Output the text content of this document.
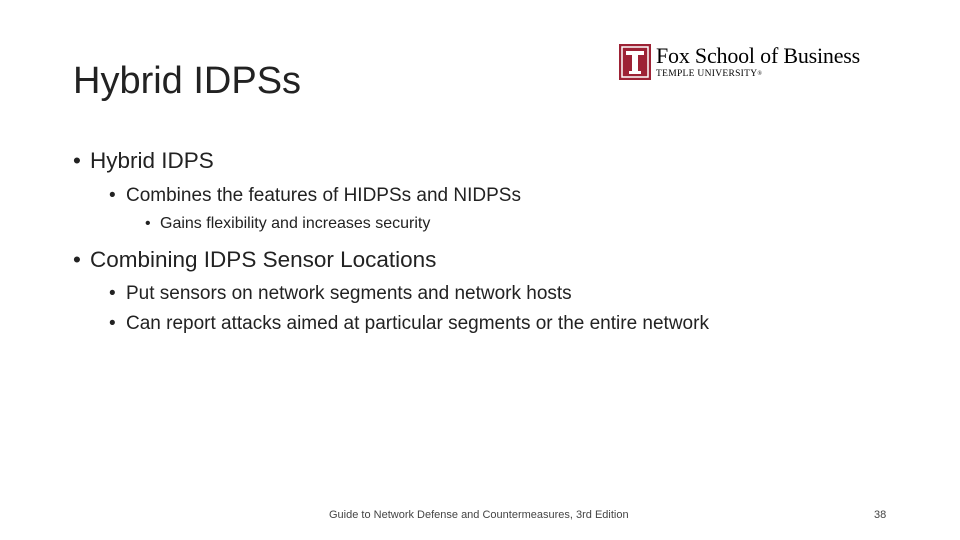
Hybrid IDPSs
Fox School of Business
TEMPLE UNIVERSITY®
• Hybrid IDPS
• Combines the features of HIDPSs and NIDPSs
• Gains flexibility and increases security
• Combining IDPS Sensor Locations
• Put sensors on network segments and network hosts
• Can report attacks aimed at particular segments or the entire network
Guide to Network Defense and Countermeasures, 3rd Edition	38
